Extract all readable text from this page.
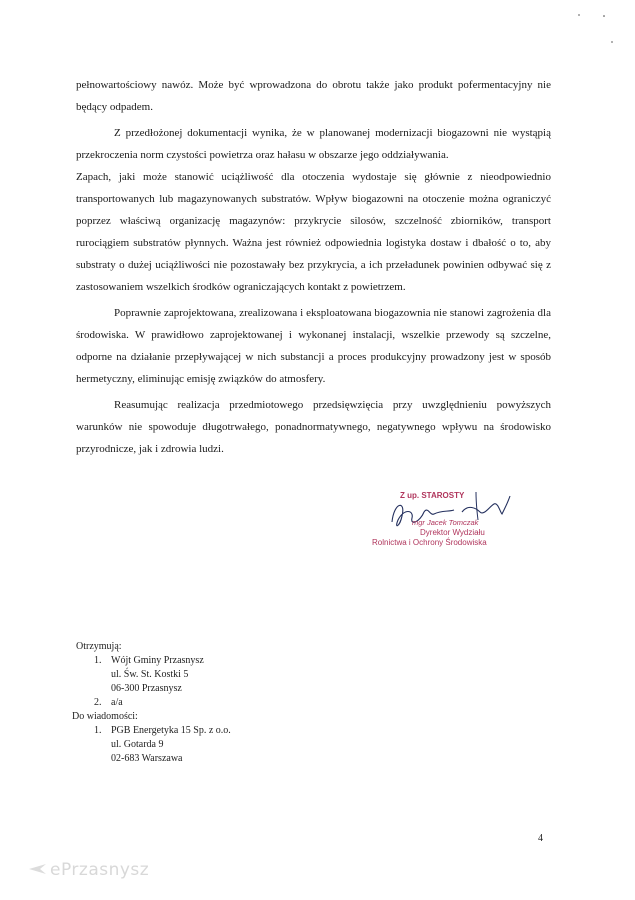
pełnowartościowy nawóz. Może być wprowadzona do obrotu także jako produkt pofermentacyjny nie będący odpadem.

Z przedłożonej dokumentacji wynika, że w planowanej modernizacji biogazowni nie wystąpią przekroczenia norm czystości powietrza oraz hałasu w obszarze jego oddziaływania.

Zapach, jaki może stanowić uciążliwość dla otoczenia wydostaje się głównie z nieodpowiednio transportowanych lub magazynowanych substratów. Wpływ biogazowni na otoczenie można ograniczyć poprzez właściwą organizację magazynów: przykrycie silosów, szczelność zbiorników, transport rurociągiem substratów płynnych. Ważna jest również odpowiednia logistyka dostaw i dbałość o to, aby substraty o dużej uciążliwości nie pozostawały bez przykrycia, a ich przeładunek powinien odbywać się z zastosowaniem wszelkich środków ograniczających kontakt z powietrzem.

Poprawnie zaprojektowana, zrealizowana i eksploatowana biogazownia nie stanowi zagrożenia dla środowiska. W prawidłowo zaprojektowanej i wykonanej instalacji, wszelkie przewody są szczelne, odporne na działanie przepływającej w nich substancji a proces produkcyjny prowadzony jest w sposób hermetyczny, eliminując emisję związków do atmosfery.

Reasumując realizacja przedmiotowego przedsięwzięcia przy uwzględnieniu powyższych warunków nie spowoduje długotrwałego, ponadnormatywnego, negatywnego wpływu na środowisko przyrodnicze, jak i zdrowia ludzi.

Z up. STAROSTY
mgr Jacek Tomczak
Dyrektor Wydziału
Rolnictwa i Ochrony Środowiska

Otrzymują:

1. Wójt Gminy Przasnysz
ul. Św. St. Kostki 5
06-300 Przasnysz
2. a/a

Do wiadomości:

1. PGB Energetyka 15 Sp. z o.o.
ul. Gotarda 9
02-683 Warszawa
4
ePrzasnysz
